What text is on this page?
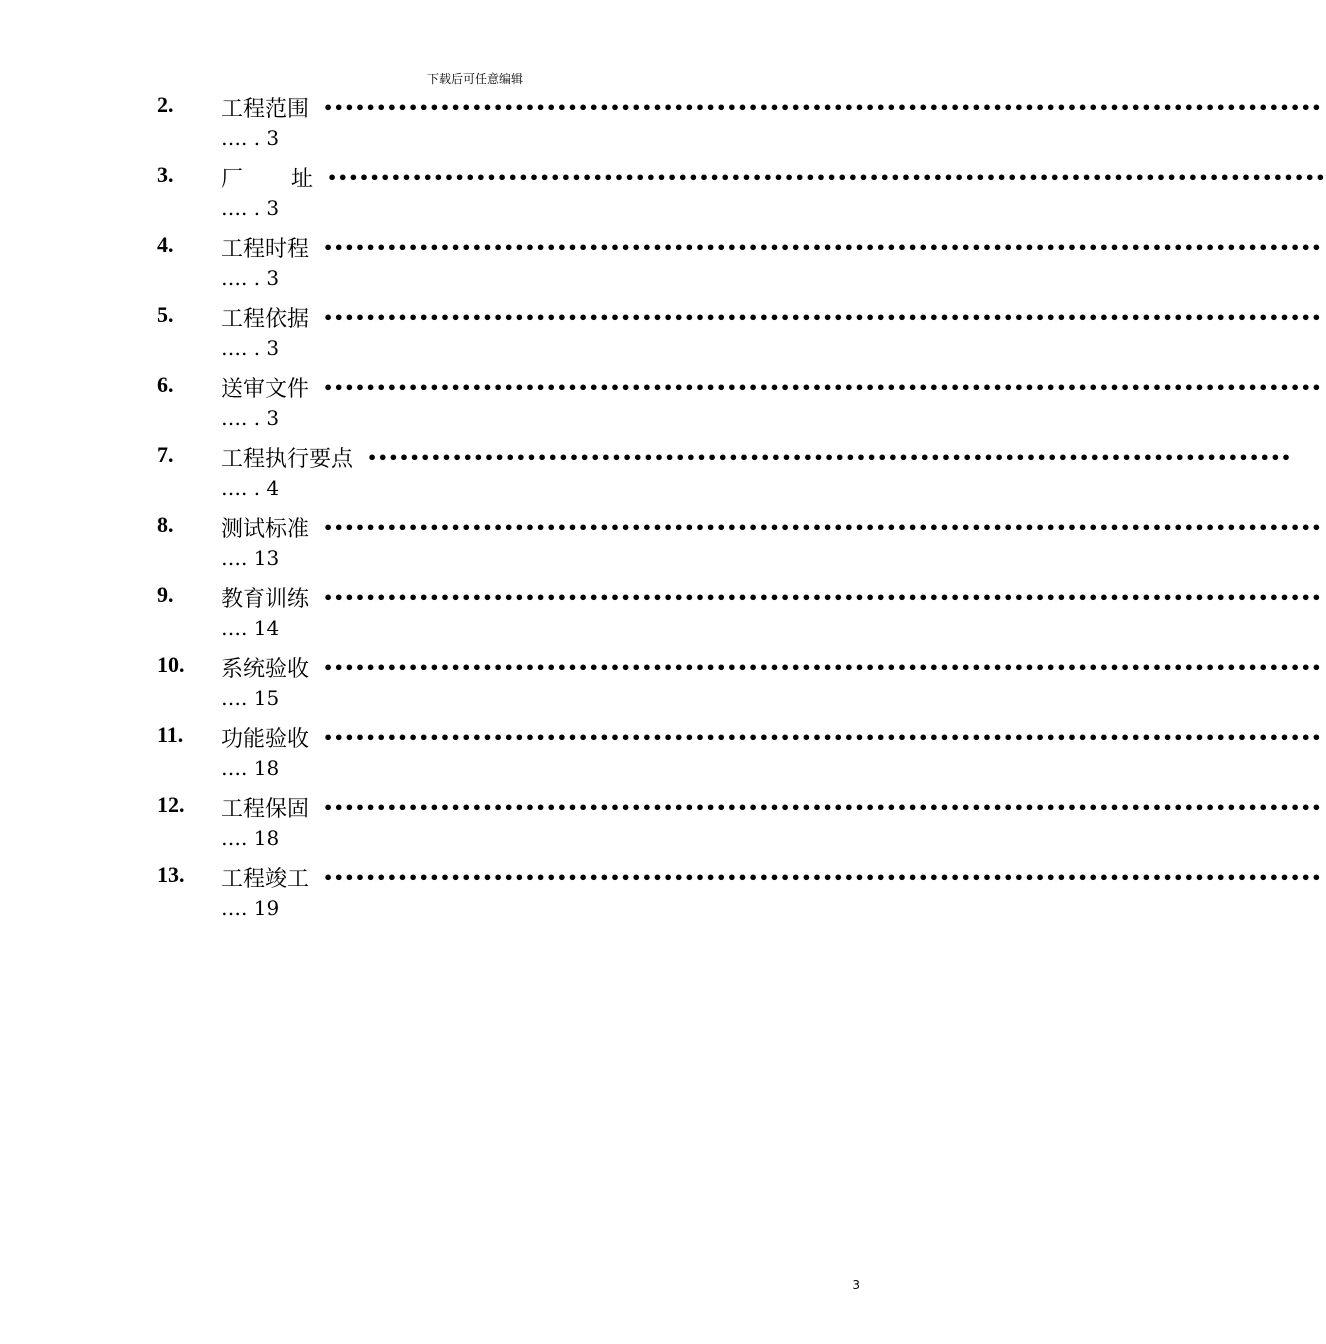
下载后可任意编辑
2. 工程范围 ••••••••••••••••••••••••••••••••••••••••••••••••••••••••••••••••••••••••••••••••••••••••••••••
…. . 3
3. 厂 址 ••••••••••••••••••••••••••••••••••••••••••••••••••••••••••••••••••••••••••••••••••••••••••••••
…. . 3
4. 工程时程 ••••••••••••••••••••••••••••••••••••••••••••••••••••••••••••••••••••••••••••••••••••••••••••••
…. . 3
5. 工程依据 ••••••••••••••••••••••••••••••••••••••••••••••••••••••••••••••••••••••••••••••••••••••••••••••
…. . 3
6. 送审文件 ••••••••••••••••••••••••••••••••••••••••••••••••••••••••••••••••••••••••••••••••••••••••••••••
…. . 3
7. 工程执行要点 •••••••••••••••••••••••••••••••••••••••••••••••••••••••••••••••••••••••••••••••••••••••
…. . 4
8. 测试标准 ••••••••••••••••••••••••••••••••••••••••••••••••••••••••••••••••••••••••••••••••••••••••••••••
…. 13
9. 教育训练 ••••••••••••••••••••••••••••••••••••••••••••••••••••••••••••••••••••••••••••••••••••••••••••••
…. 14
10. 系统验收 ••••••••••••••••••••••••••••••••••••••••••••••••••••••••••••••••••••••••••••••••••••••••••••••
…. 15
11. 功能验收 ••••••••••••••••••••••••••••••••••••••••••••••••••••••••••••••••••••••••••••••••••••••••••••••
…. 18
12. 工程保固 ••••••••••••••••••••••••••••••••••••••••••••••••••••••••••••••••••••••••••••••••••••••••••••••
…. 18
13. 工程竣工 ••••••••••••••••••••••••••••••••••••••••••••••••••••••••••••••••••••••••••••••••••••••••••••••
…. 19
3
